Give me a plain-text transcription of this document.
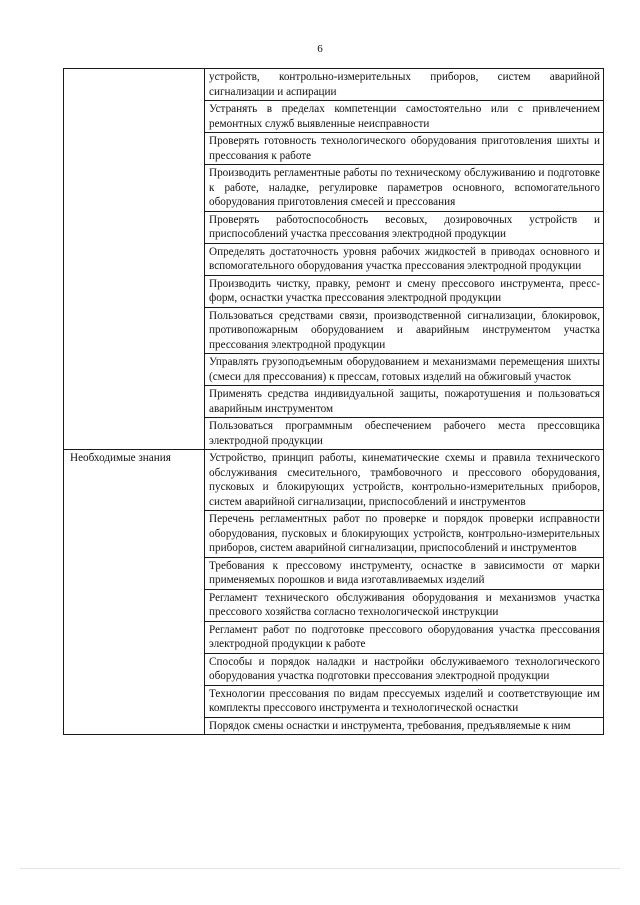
6
	устройств, контрольно-измерительных приборов, систем аварийной сигнализации и аспирации
	Устранять в пределах компетенции самостоятельно или с привлечением ремонтных служб выявленные неисправности
	Проверять готовность технологического оборудования приготовления шихты и прессования к работе
	Производить регламентные работы по техническому обслуживанию и подготовке к работе, наладке, регулировке параметров основного, вспомогательного оборудования приготовления смесей и прессования
	Проверять работоспособность весовых, дозировочных устройств и приспособлений участка прессования электродной продукции
	Определять достаточность уровня рабочих жидкостей в приводах основного и вспомогательного оборудования участка прессования электродной продукции
	Производить чистку, правку, ремонт и смену прессового инструмента, пресс-форм, оснастки участка прессования электродной продукции
	Пользоваться средствами связи, производственной сигнализации, блокировок, противопожарным оборудованием и аварийным инструментом участка прессования электродной продукции
	Управлять грузоподъемным оборудованием и механизмами перемещения шихты (смеси для прессования) к прессам, готовых изделий на обжиговый участок
	Применять средства индивидуальной защиты, пожаротушения и пользоваться аварийным инструментом
	Пользоваться программным обеспечением рабочего места прессовщика электродной продукции
Необходимые знания	Устройство, принцип работы, кинематические схемы и правила технического обслуживания смесительного, трамбовочного и прессового оборудования, пусковых и блокирующих устройств, контрольно-измерительных приборов, систем аварийной сигнализации, приспособлений и инструментов
	Перечень регламентных работ по проверке и порядок проверки исправности оборудования, пусковых и блокирующих устройств, контрольно-измерительных приборов, систем аварийной сигнализации, приспособлений и инструментов
	Требования к прессовому инструменту, оснастке в зависимости от марки применяемых порошков и вида изготавливаемых изделий
	Регламент технического обслуживания оборудования и механизмов участка прессового хозяйства согласно технологической инструкции
	Регламент работ по подготовке прессового оборудования участка прессования электродной продукции к работе
	Способы и порядок наладки и настройки обслуживаемого технологического оборудования участка подготовки прессования электродной продукции
	Технологии прессования по видам прессуемых изделий и соответствующие им комплекты прессового инструмента и технологической оснастки
	Порядок смены оснастки и инструмента, требования, предъявляемые к ним
